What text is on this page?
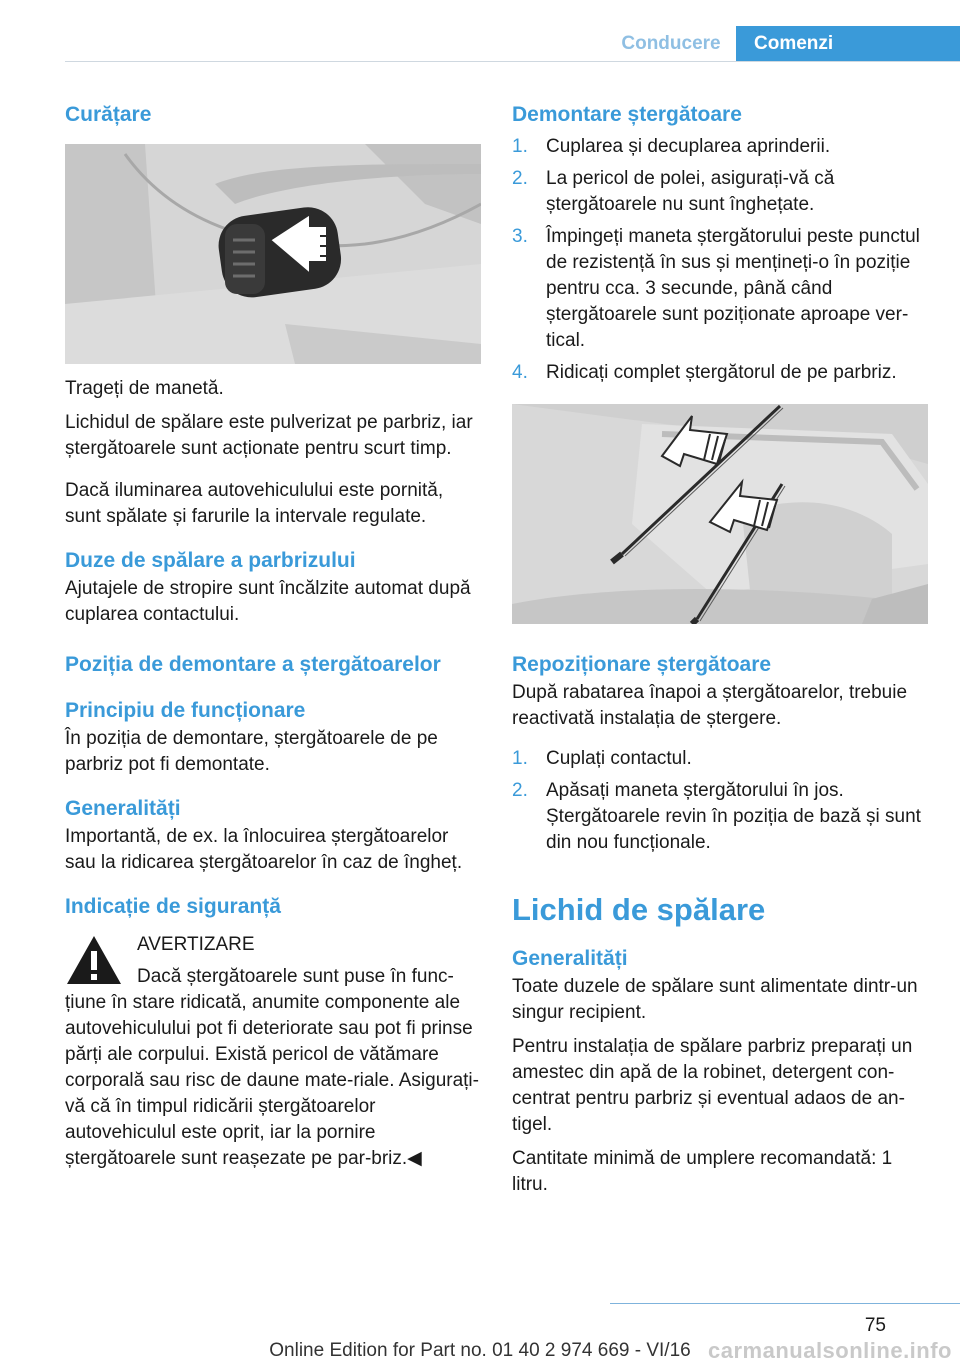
Conducere	Comenzi
Curățare

Trageți de manetă.

Lichidul de spălare este pulverizat pe parbriz, iar ștergătoarele sunt acționate pentru scurt timp.

Dacă iluminarea autovehiculului este pornită, sunt spălate și farurile la intervale regulate.

Duze de spălare a parbrizului

Ajutajele de stropire sunt încălzite automat după cuplarea contactului.

Poziția de demontare a ștergătoarelor
Principiu de funcționare

În poziția de demontare, ștergătoarele de pe parbriz pot fi demontate.

Generalități

Importantă, de ex. la înlocuirea ștergătoarelor sau la ridicarea ștergătoarelor în caz de îngheț.

Indicație de siguranță

AVERTIZARE

Dacă ștergătoarele sunt puse în func‐

țiune în stare ridicată, anumite componente ale autovehiculului pot fi deteriorate sau pot fi prinse părți ale corpului. Există pericol de vătămare corporală sau risc de daune mate‐riale. Asigurați-vă că în timpul ridicării ștergătoarelor autovehiculul este oprit, iar la pornire ștergătoarele sunt reașezate pe par‐briz.◀

Demontare ștergătoare
1. Cuplarea și decuplarea aprinderii.
2. La pericol de polei, asigurați-vă că ștergătoarele nu sunt înghețate.
3. Împingeți maneta ștergătorului peste punctul de rezistență în sus și mențineți-o în poziție pentru cca. 3 secunde, până când ștergătoarele sunt poziționate aproape ver‐tical.
4. Ridicați complet ștergătorul de pe parbriz.
Repoziționare ștergătoare

După rabatarea înapoi a ștergătoarelor, trebuie reactivată instalația de ștergere.

1. Cuplați contactul.
2. Apăsați maneta ștergătorului în jos. Ștergătoarele revin în poziția de bază și sunt din nou funcționale.
Lichid de spălare
Generalități

Toate duzele de spălare sunt alimentate dintr-un singur recipient.

Pentru instalația de spălare parbriz preparați un amestec din apă de la robinet, detergent con‐centrat pentru parbriz și eventual adaos de an‐tigel.

Cantitate minimă de umplere recomandată: 1 litru.

75
Online Edition for Part no. 01 40 2 974 669 - VI/16 carmanualsonline.info
